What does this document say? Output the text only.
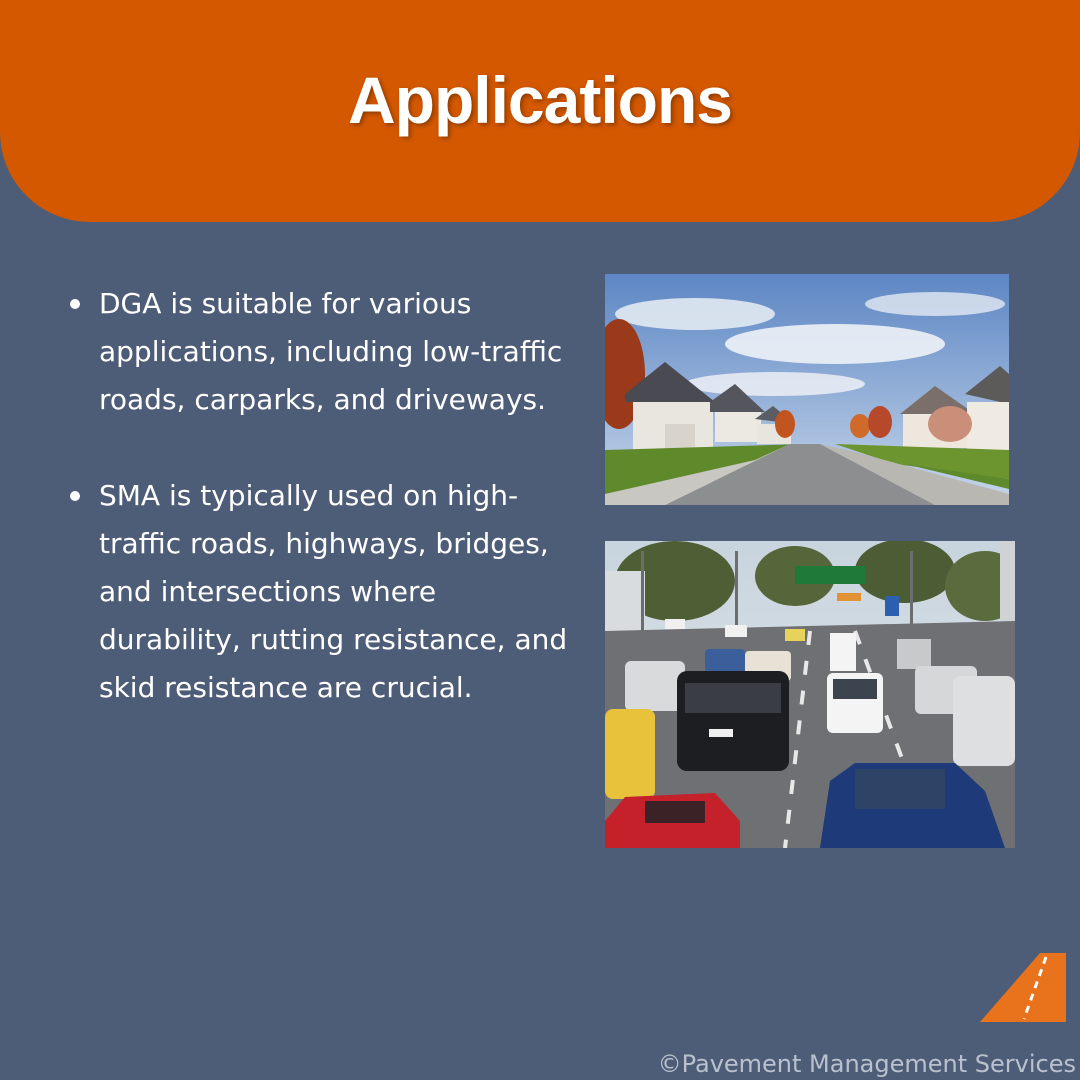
Applications
DGA is suitable for various applications, including low-traffic roads, carparks, and driveways.
SMA is typically used on high-traffic roads, highways, bridges, and intersections where durability, rutting resistance, and skid resistance are crucial.
©Pavement Management Services
